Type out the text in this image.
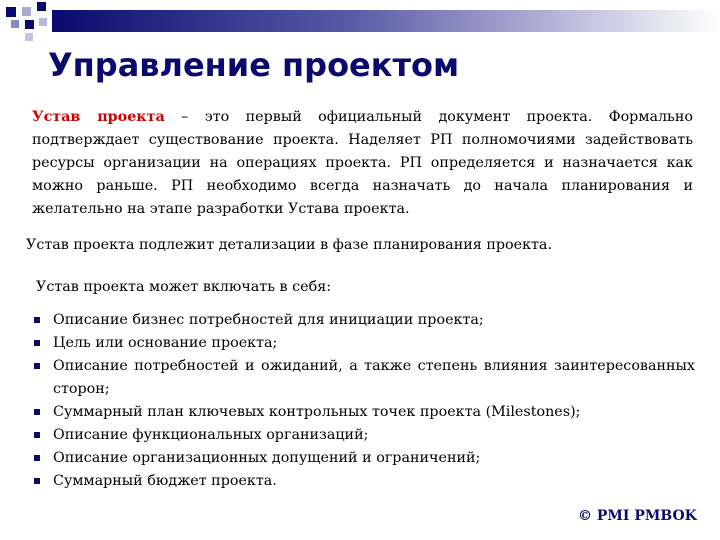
Управление проектом

Устав проекта – это первый официальный документ проекта. Формально подтверждает существование проекта. Наделяет РП полномочиями задействовать ресурсы организации на операциях проекта. РП определяется и назначается как можно раньше. РП необходимо всегда назначать до начала планирования и желательно на этапе разработки Устава проекта.

Устав проекта подлежит детализации в фазе планирования проекта.

Устав проекта может включать в себя:

Описание бизнес потребностей для инициации проекта;
Цель или основание проекта;
Описание потребностей и ожиданий, а также степень влияния заинтересованных сторон;
Суммарный план ключевых контрольных точек проекта (Milestones);
Описание функциональных организаций;
Описание организационных допущений и ограничений;
Суммарный бюджет проекта.

© PMI PMBOK
